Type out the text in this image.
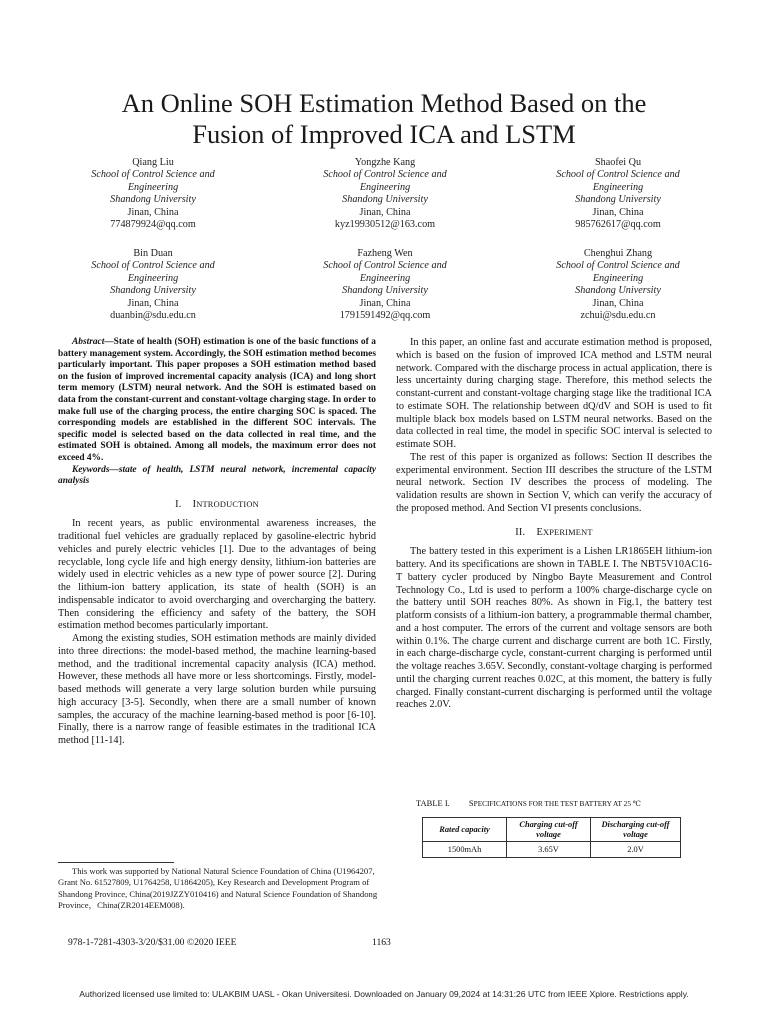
An Online SOH Estimation Method Based on the
Fusion of Improved ICA and LSTM
Qiang Liu
School of Control Science and
Engineering
Shandong University
Jinan, China
774879924@qq.com
Yongzhe Kang
School of Control Science and
Engineering
Shandong University
Jinan, China
kyz19930512@163.com
Shaofei Qu
School of Control Science and
Engineering
Shandong University
Jinan, China
985762617@qq.com
Bin Duan
School of Control Science and
Engineering
Shandong University
Jinan, China
duanbin@sdu.edu.cn
Fazheng Wen
School of Control Science and
Engineering
Shandong University
Jinan, China
1791591492@qq.com
Chenghui Zhang
School of Control Science and
Engineering
Shandong University
Jinan, China
zchui@sdu.edu.cn

Abstract—State of health (SOH) estimation is one of the basic functions of a battery management system. Accordingly, the SOH estimation method becomes particularly important. This paper proposes a SOH estimation method based on the fusion of improved incremental capacity analysis (ICA) and long short term memory (LSTM) neural network. And the SOH is estimated based on data from the constant-current and constant-voltage charging stage. In order to make full use of the charging process, the entire charging SOC is spaced. The corresponding models are established in the different SOC intervals. The specific model is selected based on the data collected in real time, and the estimated SOH is obtained. Among all models, the maximum error does not exceed 4%.

Keywords—state of health, LSTM neural network, incremental capacity analysis

I. INTRODUCTION

In recent years, as public environmental awareness increases, the traditional fuel vehicles are gradually replaced by gasoline-electric hybrid vehicles and purely electric vehicles [1]. Due to the advantages of being recyclable, long cycle life and high energy density, lithium-ion batteries are widely used in electric vehicles as a new type of power source [2]. During the lithium-ion battery application, its state of health (SOH) is an indispensable indicator to avoid overcharging and overcharging the battery. Then considering the efficiency and safety of the battery, the SOH estimation method becomes particularly important.

Among the existing studies, SOH estimation methods are mainly divided into three directions: the model-based method, the machine learning-based method, and the traditional incremental capacity analysis (ICA) method. However, these methods all have more or less shortcomings. Firstly, model-based methods will generate a very large solution burden while pursuing high accuracy [3-5]. Secondly, when there are a small number of known samples, the accuracy of the machine learning-based method is poor [6-10]. Finally, there is a narrow range of feasible estimates in the traditional ICA method [11-14].

In this paper, an online fast and accurate estimation method is proposed, which is based on the fusion of improved ICA method and LSTM neural network. Compared with the discharge process in actual application, there is less uncertainty during charging stage. Therefore, this method selects the constant-current and constant-voltage charging stage like the traditional ICA to estimate SOH. The relationship between dQ/dV and SOH is used to fit multiple black box models based on LSTM neural networks. Based on the data collected in real time, the model in specific SOC interval is selected to estimate SOH.

The rest of this paper is organized as follows: Section II describes the experimental environment. Section III describes the structure of the LSTM neural network. Section IV describes the process of modeling. The validation results are shown in Section V, which can verify the accuracy of the proposed method. And Section VI presents conclusions.

II. EXPERIMENT

The battery tested in this experiment is a Lishen LR1865EH lithium-ion battery. And its specifications are shown in TABLE I. The NBT5V10AC16-T battery cycler produced by Ningbo Bayte Measurement and Control Technology Co., Ltd is used to perform a 100% charge-discharge cycle on the battery until SOH reaches 80%. As shown in Fig.1, the battery test platform consists of a lithium-ion battery, a programmable thermal chamber, and a host computer. The errors of the current and voltage sensors are both within 0.1%. The charge current and discharge current are both 1C. Firstly, in each charge-discharge cycle, constant-current charging is performed until the voltage reaches 3.65V. Secondly, constant-voltage charging is performed until the charging current reaches 0.02C, at this moment, the battery is fully charged. Finally constant-current discharging is performed until the voltage reaches 2.0V.

TABLE I. SPECIFICATIONS FOR THE TEST BATTERY AT 25 ℃
Rated capacity	Charging cut-off voltage	Discharging cut-off voltage
1500mAh	3.65V	2.0V

This work was supported by National Natural Science Foundation of China (U1964207, Grant No. 61527809, U1764258, U1864205), Key Research and Development Program of Shandong Province, China(2019JZZY010416) and Natural Science Foundation of Shandong Province，China(ZR2014EEM008).

978-1-7281-4303-3/20/$31.00 ©2020 IEEE	1163
Authorized licensed use limited to: ULAKBIM UASL - Okan Universitesi. Downloaded on January 09,2024 at 14:31:26 UTC from IEEE Xplore. Restrictions apply.
